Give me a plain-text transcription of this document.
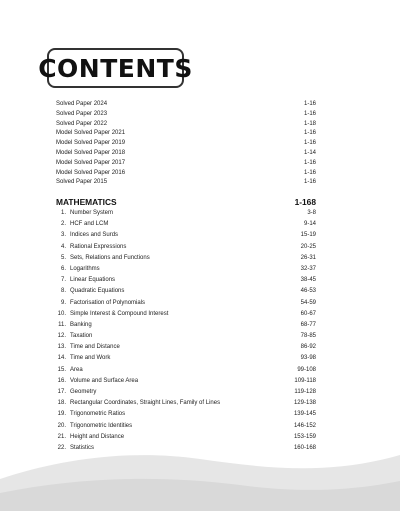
CONTENTS
Solved Paper 2024	1-16
Solved Paper 2023	1-16
Solved Paper 2022	1-18
Model Solved Paper 2021	1-16
Model Solved Paper 2019	1-16
Model Solved Paper 2018	1-14
Model Solved Paper 2017	1-16
Model Solved Paper 2016	1-16
Solved Paper 2015	1-16
MATHEMATICS	1-168
1. Number System	3-8
2. HCF and LCM	9-14
3. Indices and Surds	15-19
4. Rational Expressions	20-25
5. Sets, Relations and Functions	26-31
6. Logarithms	32-37
7. Linear Equations	38-45
8. Quadratic Equations	46-53
9. Factorisation of Polynomials	54-59
10. Simple Interest & Compound Interest	60-67
11. Banking	68-77
12. Taxation	78-85
13. Time and Distance	86-92
14. Time and Work	93-98
15. Area	99-108
16. Volume and Surface Area	109-118
17. Geometry	119-128
18. Rectangular Coordinates, Straight Lines, Family of Lines	129-138
19. Trigonometric Ratios	139-145
20. Trigonometric Identities	146-152
21. Height and Distance	153-159
22. Statistics	160-168
